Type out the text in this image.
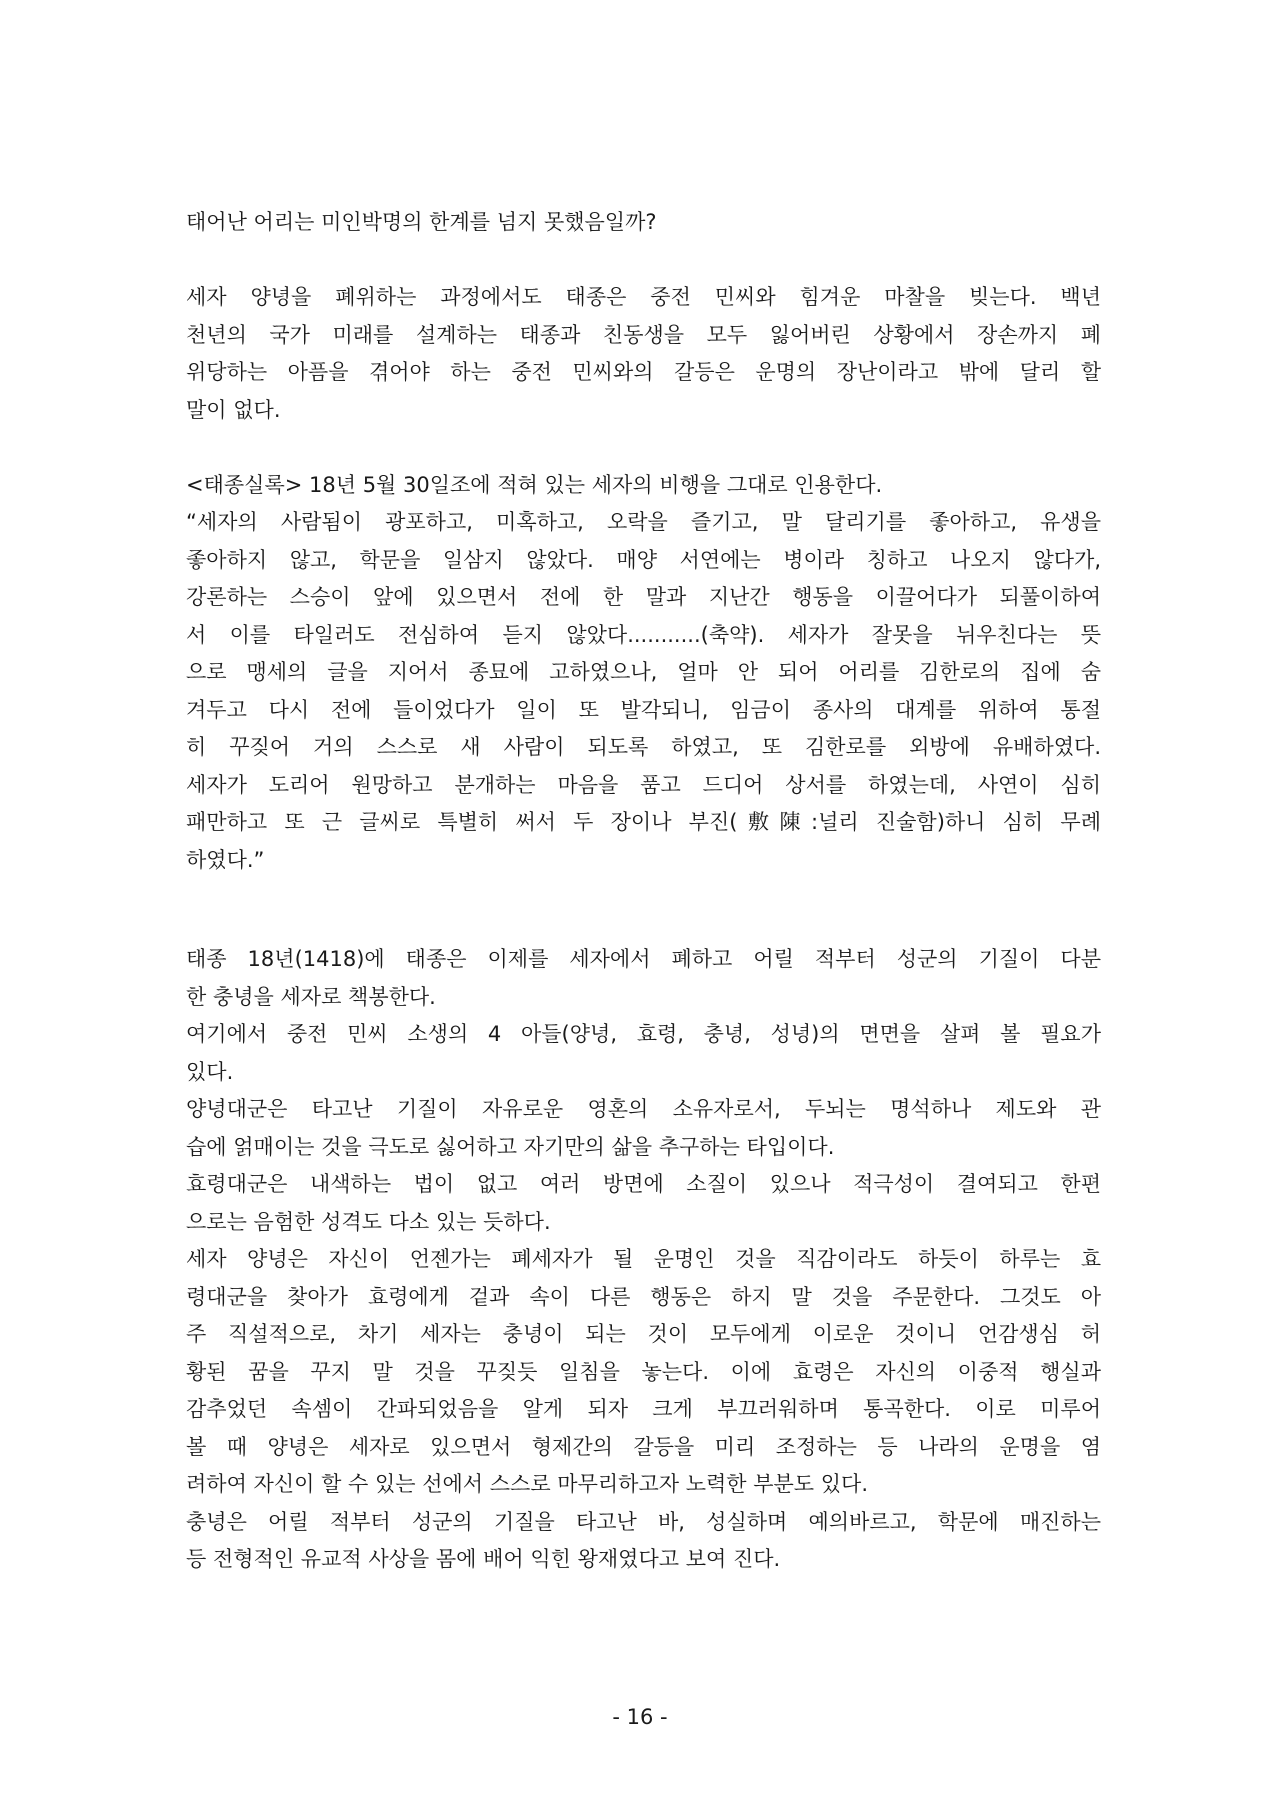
태어난 어리는 미인박명의 한계를 넘지 못했음일까?
세자 양녕을 폐위하는 과정에서도 태종은 중전 민씨와 힘겨운 마찰을 빚는다. 백년
천년의 국가 미래를 설계하는 태종과 친동생을 모두 잃어버린 상황에서 장손까지 폐
위당하는 아픔을 겪어야 하는 중전 민씨와의 갈등은 운명의 장난이라고 밖에 달리 할
말이 없다.
<태종실록> 18년 5월 30일조에 적혀 있는 세자의 비행을 그대로 인용한다.
“세자의 사람됨이 광포하고, 미혹하고, 오락을 즐기고, 말 달리기를 좋아하고, 유생을
좋아하지 않고, 학문을 일삼지 않았다. 매양 서연에는 병이라 칭하고 나오지 않다가,
강론하는 스승이 앞에 있으면서 전에 한 말과 지난간 행동을 이끌어다가 되풀이하여
서 이를 타일러도 전심하여 듣지 않았다...........(축약). 세자가 잘못을 뉘우친다는 뜻
으로 맹세의 글을 지어서 종묘에 고하였으나, 얼마 안 되어 어리를 김한로의 집에 숨
겨두고 다시 전에 들이었다가 일이 또 발각되니, 임금이 종사의 대계를 위하여 통절
히 꾸짖어 거의 스스로 새 사람이 되도록 하였고, 또 김한로를 외방에 유배하였다.
세자가 도리어 원망하고 분개하는 마음을 품고 드디어 상서를 하였는데, 사연이 심히
패만하고 또 근 글씨로 특별히 써서 두 장이나 부진(敷陳:널리 진술함)하니 심히 무례
하였다.”
태종 18년(1418)에 태종은 이제를 세자에서 폐하고 어릴 적부터 성군의 기질이 다분
한 충녕을 세자로 책봉한다.
여기에서 중전 민씨 소생의 4 아들(양녕, 효령, 충녕, 성녕)의 면면을 살펴 볼 필요가
있다.
양녕대군은 타고난 기질이 자유로운 영혼의 소유자로서, 두뇌는 명석하나 제도와 관
습에 얽매이는 것을 극도로 싫어하고 자기만의 삶을 추구하는 타입이다.
효령대군은 내색하는 법이 없고 여러 방면에 소질이 있으나 적극성이 결여되고 한편
으로는 음험한 성격도 다소 있는 듯하다.
세자 양녕은 자신이 언젠가는 폐세자가 될 운명인 것을 직감이라도 하듯이 하루는 효
령대군을 찾아가 효령에게 겉과 속이 다른 행동은 하지 말 것을 주문한다. 그것도 아
주 직설적으로, 차기 세자는 충녕이 되는 것이 모두에게 이로운 것이니 언감생심 허
황된 꿈을 꾸지 말 것을 꾸짖듯 일침을 놓는다. 이에 효령은 자신의 이중적 행실과
감추었던 속셈이 간파되었음을 알게 되자 크게 부끄러워하며 통곡한다. 이로 미루어
볼 때 양녕은 세자로 있으면서 형제간의 갈등을 미리 조정하는 등 나라의 운명을 염
려하여 자신이 할 수 있는 선에서 스스로 마무리하고자 노력한 부분도 있다.
충녕은 어릴 적부터 성군의 기질을 타고난 바, 성실하며 예의바르고, 학문에 매진하는
등 전형적인 유교적 사상을 몸에 배어 익힌 왕재였다고 보여 진다.
- 16 -
